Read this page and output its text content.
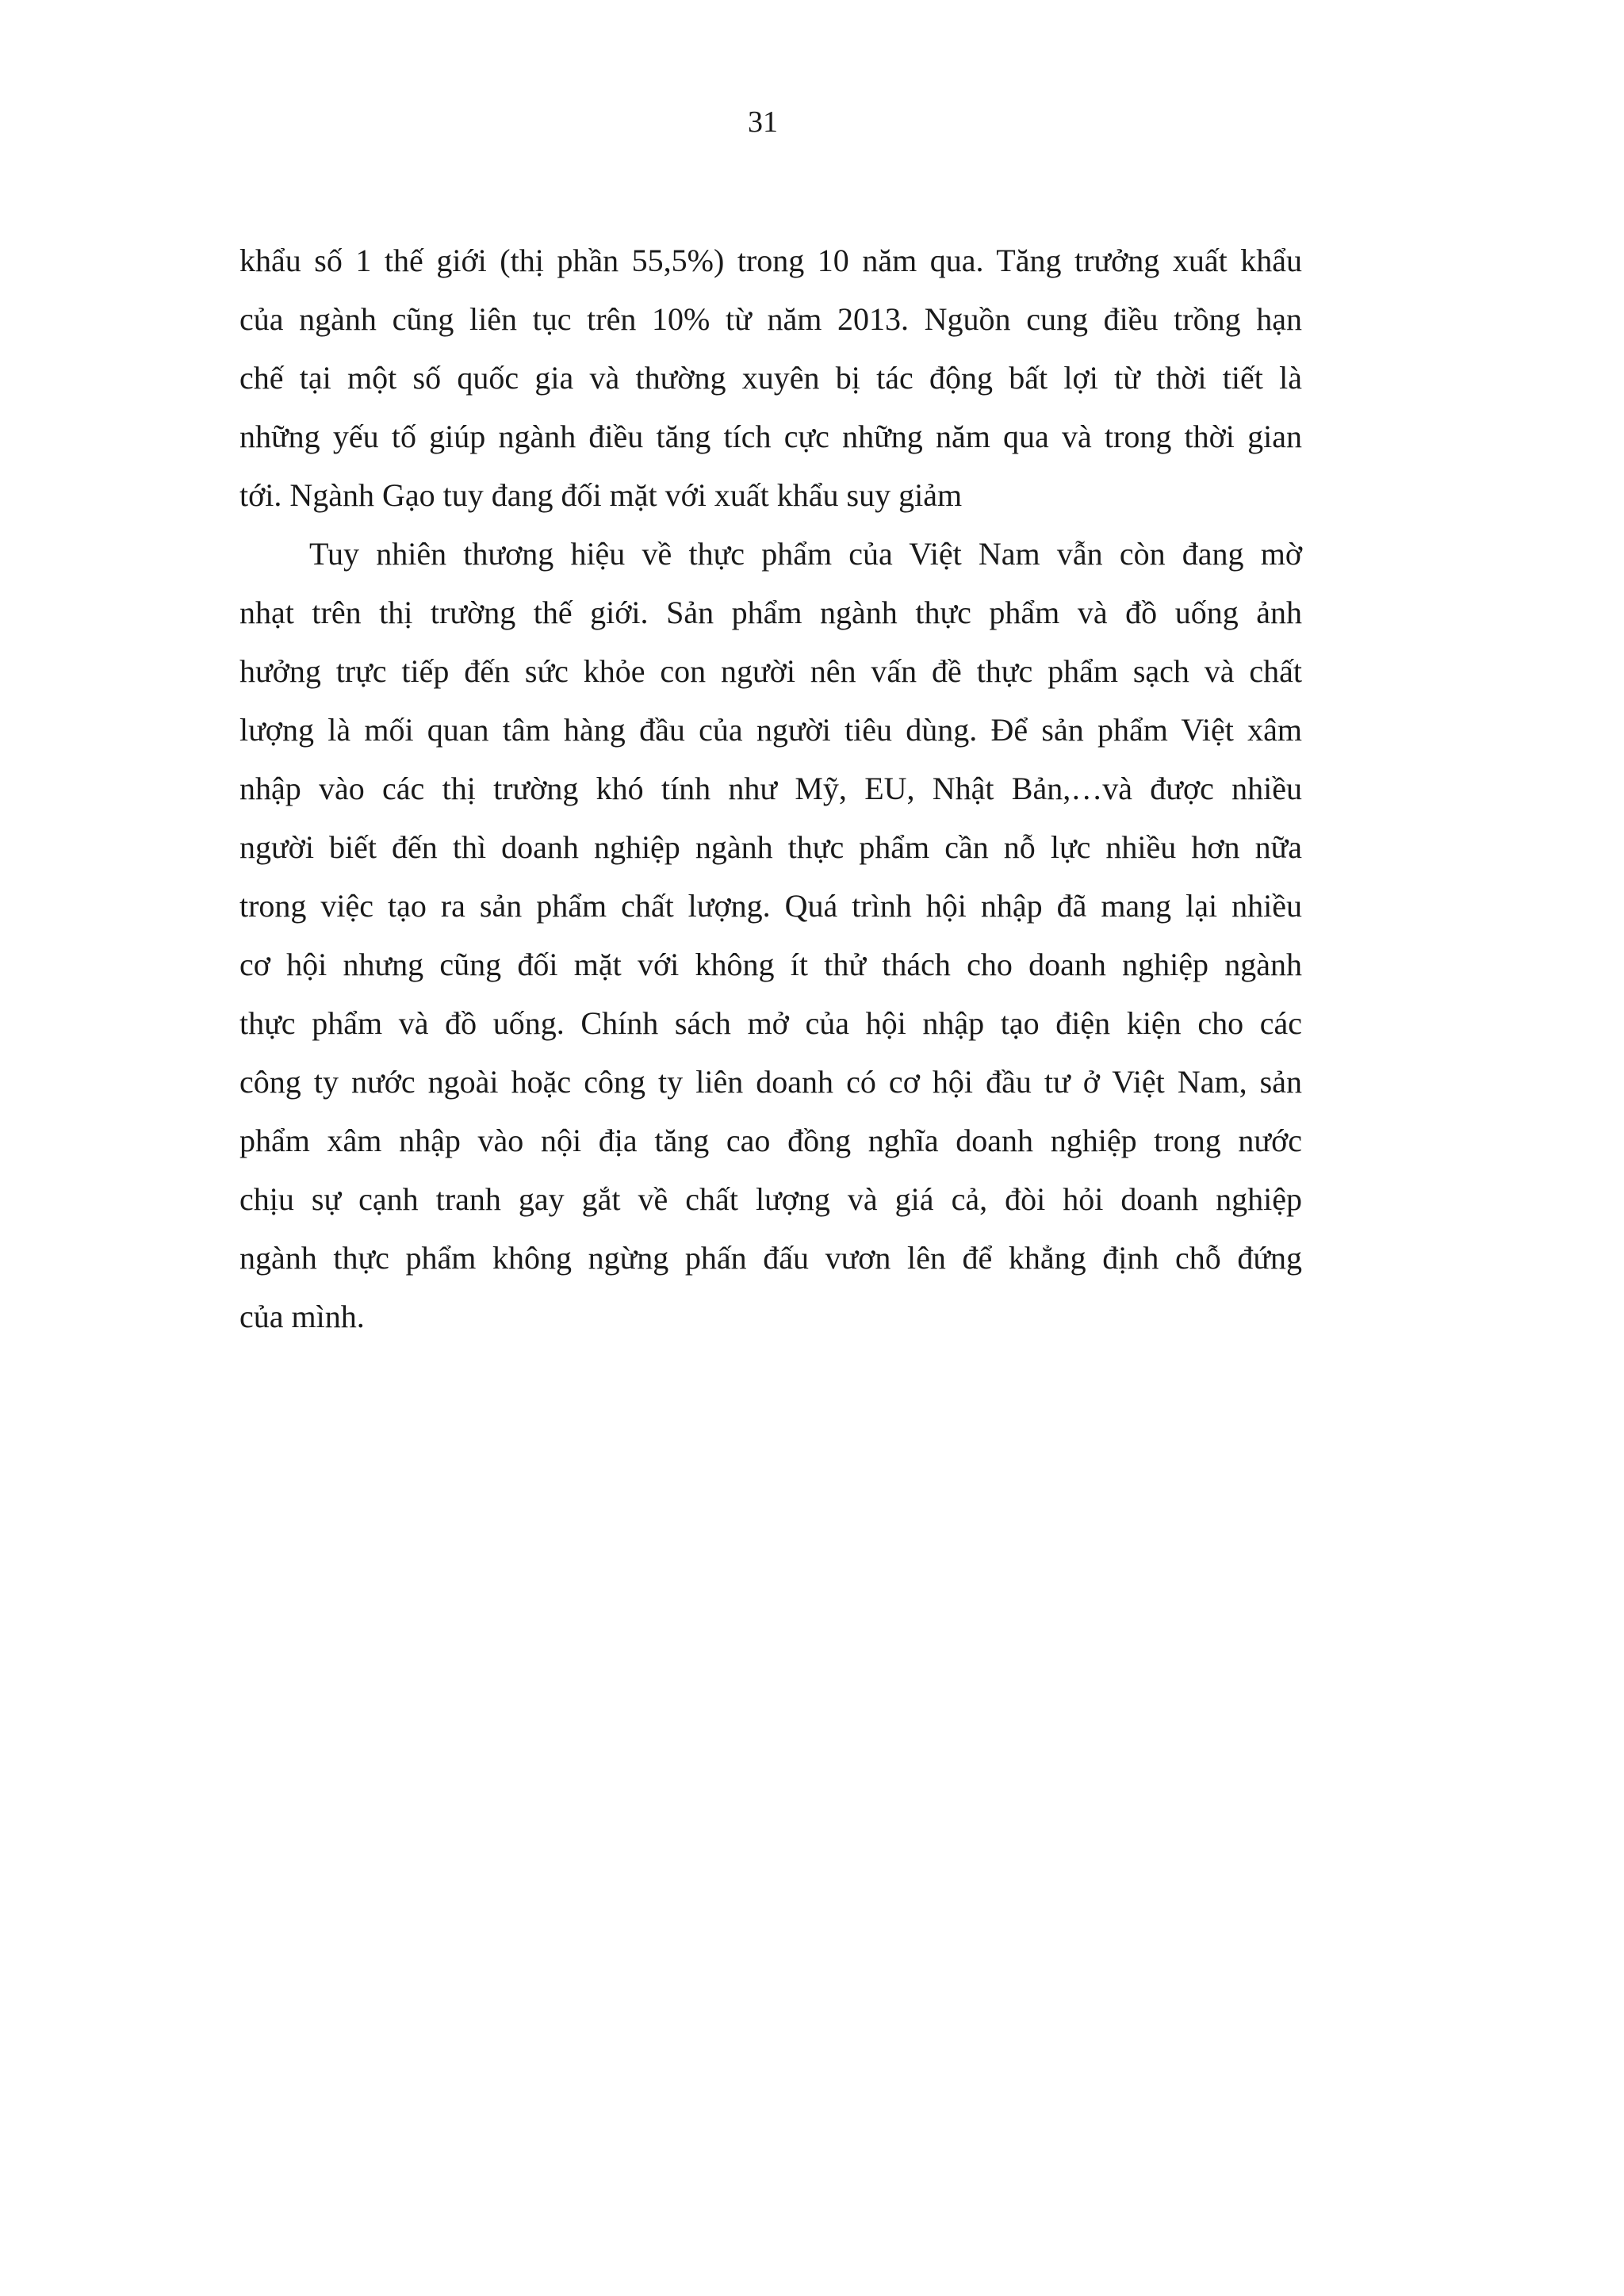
31
khẩu số 1 thế giới (thị phần 55,5%) trong 10 năm qua. Tăng trưởng xuất khẩu
của ngành cũng liên tục trên 10% từ năm 2013. Nguồn cung điều trồng hạn
chế tại một số quốc gia và thường xuyên bị tác động bất lợi từ thời tiết là
những yếu tố giúp ngành điều tăng tích cực những năm qua và trong thời gian
tới. Ngành Gạo tuy đang đối mặt với xuất khẩu suy giảm
Tuy nhiên thương hiệu về thực phẩm của Việt Nam vẫn còn đang mờ
nhạt trên thị trường thế giới. Sản phẩm ngành thực phẩm và đồ uống ảnh
hưởng trực tiếp đến sức khỏe con người nên vấn đề thực phẩm sạch và chất
lượng là mối quan tâm hàng đầu của người tiêu dùng. Để sản phẩm Việt xâm
nhập vào các thị trường khó tính như Mỹ, EU, Nhật Bản,…và được nhiều
người biết đến thì doanh nghiệp ngành thực phẩm cần nỗ lực nhiều hơn nữa
trong việc tạo ra sản phẩm chất lượng. Quá trình hội nhập đã mang lại nhiều
cơ hội nhưng cũng đối mặt với không ít thử thách cho doanh nghiệp ngành
thực phẩm và đồ uống. Chính sách mở của hội nhập tạo điện kiện cho các
công ty nước ngoài hoặc công ty liên doanh có cơ hội đầu tư ở Việt Nam, sản
phẩm xâm nhập vào nội địa tăng cao đồng nghĩa doanh nghiệp trong nước
chịu sự cạnh tranh gay gắt về chất lượng và giá cả, đòi hỏi doanh nghiệp
ngành thực phẩm không ngừng phấn đấu vươn lên để khẳng định chỗ đứng
của mình.
